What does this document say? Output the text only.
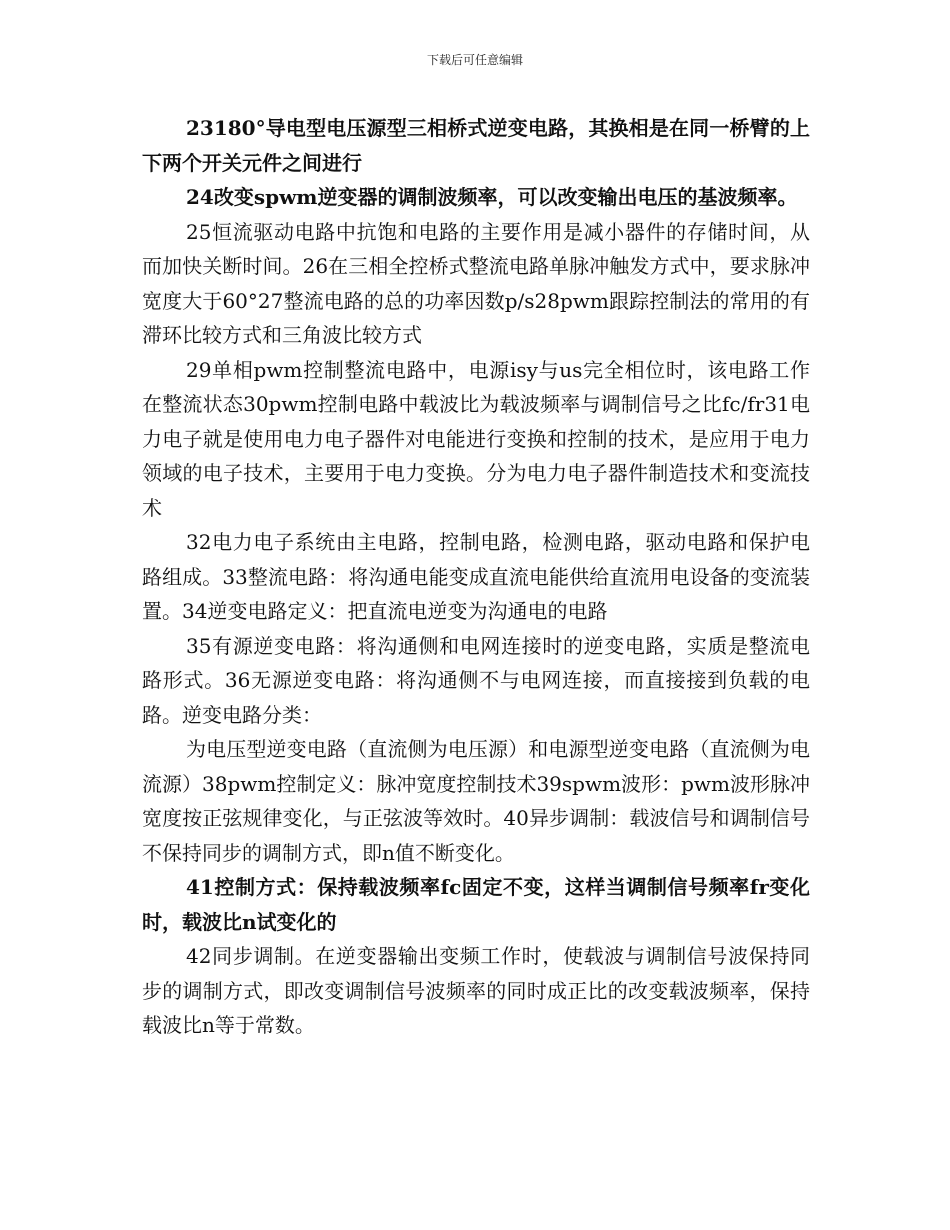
下载后可任意编辑

23180°导电型电压源型三相桥式逆变电路，其换相是在同一桥臂的上下两个开关元件之间进行

24改变spwm逆变器的调制波频率，可以改变输出电压的基波频率。

25恒流驱动电路中抗饱和电路的主要作用是减小器件的存储时间，从而加快关断时间。26在三相全控桥式整流电路单脉冲触发方式中，要求脉冲宽度大于60°27整流电路的总的功率因数p/s28pwm跟踪控制法的常用的有滞环比较方式和三角波比较方式

29单相pwm控制整流电路中，电源isy与us完全相位时，该电路工作在整流状态30pwm控制电路中载波比为载波频率与调制信号之比fc/fr31电力电子就是使用电力电子器件对电能进行变换和控制的技术，是应用于电力领域的电子技术，主要用于电力变换。分为电力电子器件制造技术和变流技术

32电力电子系统由主电路，控制电路，检测电路，驱动电路和保护电路组成。33整流电路：将沟通电能变成直流电能供给直流用电设备的变流装置。34逆变电路定义：把直流电逆变为沟通电的电路

35有源逆变电路：将沟通侧和电网连接时的逆变电路，实质是整流电路形式。36无源逆变电路：将沟通侧不与电网连接，而直接接到负载的电路。逆变电路分类：

为电压型逆变电路（直流侧为电压源）和电源型逆变电路（直流侧为电流源）38pwm控制定义：脉冲宽度控制技术39spwm波形：pwm波形脉冲宽度按正弦规律变化，与正弦波等效时。40异步调制：载波信号和调制信号不保持同步的调制方式，即n值不断变化。

41控制方式：保持载波频率fc固定不变，这样当调制信号频率fr变化时，载波比n试变化的

42同步调制。在逆变器输出变频工作时，使载波与调制信号波保持同步的调制方式，即改变调制信号波频率的同时成正比的改变载波频率，保持载波比n等于常数。
